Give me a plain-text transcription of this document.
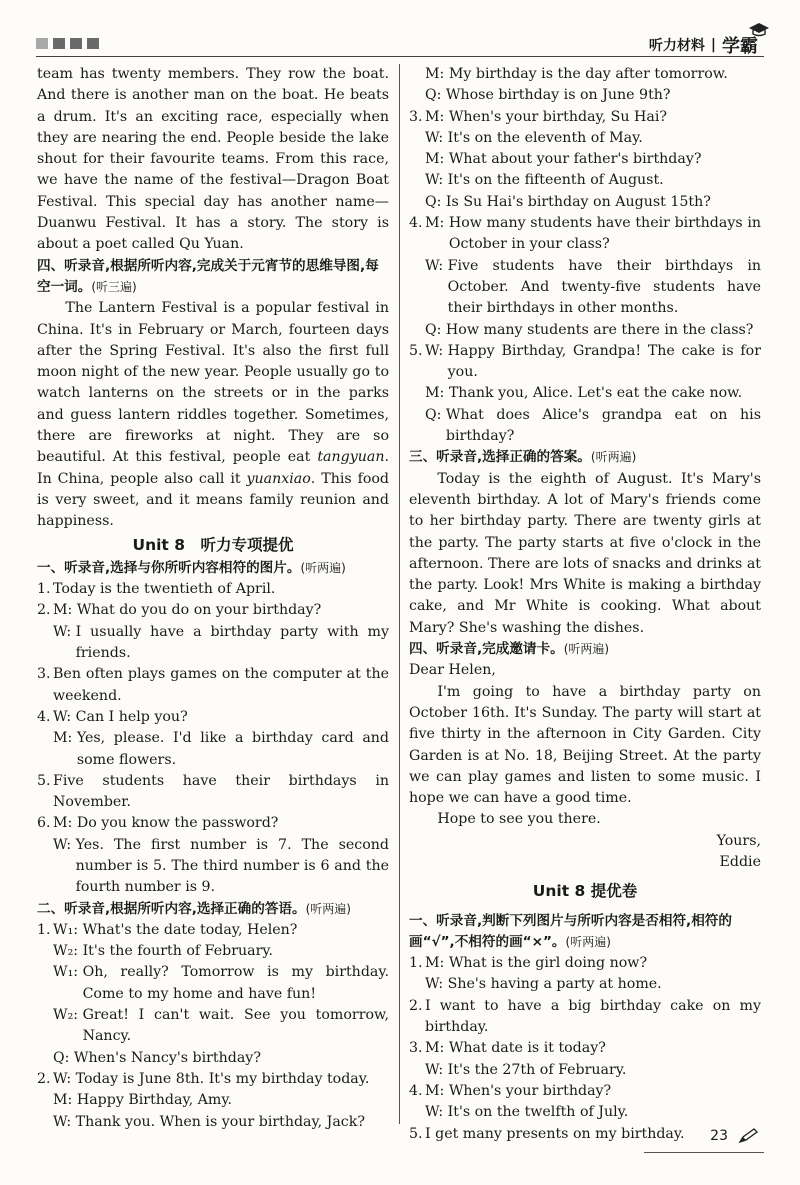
听力材料 | 学霸

team has twenty members. They row the boat. And there is another man on the boat. He beats a drum. It's an exciting race, especially when they are nearing the end. People beside the lake shout for their favourite teams. From this race, we have the name of the festival—Dragon Boat Festival. This special day has another name—Duanwu Festival. It has a story. The story is about a poet called Qu Yuan.

四、听录音,根据所听内容,完成关于元宵节的思维导图,每空一词。(听三遍)

The Lantern Festival is a popular festival in China. It's in February or March, fourteen days after the Spring Festival. It's also the first full moon night of the new year. People usually go to watch lanterns on the streets or in the parks and guess lantern riddles together. Sometimes, there are fireworks at night. They are so beautiful. At this festival, people eat tangyuan. In China, people also call it yuanxiao. This food is very sweet, and it means family reunion and happiness.

Unit 8　听力专项提优

一、听录音,选择与你所听内容相符的图片。(听两遍)

1. Today is the twentieth of April.
2. M: What do you do on your birthday?
W: I usually have a birthday party with my friends.
3. Ben often plays games on the computer at the weekend.
4. W: Can I help you?
M: Yes, please. I'd like a birthday card and some flowers.
5. Five students have their birthdays in November.
6. M: Do you know the password?
W: Yes. The first number is 7. The second number is 5. The third number is 6 and the fourth number is 9.

二、听录音,根据所听内容,选择正确的答语。(听两遍)

1. W₁: What's the date today, Helen?
W₂: It's the fourth of February.
W₁: Oh, really? Tomorrow is my birthday. Come to my home and have fun!
W₂: Great! I can't wait. See you tomorrow, Nancy.
Q: When's Nancy's birthday?
2. W: Today is June 8th. It's my birthday today.
M: Happy Birthday, Amy.
W: Thank you. When is your birthday, Jack?
M: My birthday is the day after tomorrow.
Q: Whose birthday is on June 9th?
3. M: When's your birthday, Su Hai?
W: It's on the eleventh of May.
M: What about your father's birthday?
W: It's on the fifteenth of August.
Q: Is Su Hai's birthday on August 15th?
4. M: How many students have their birthdays in October in your class?
W: Five students have their birthdays in October. And twenty-five students have their birthdays in other months.
Q: How many students are there in the class?
5. W: Happy Birthday, Grandpa! The cake is for you.
M: Thank you, Alice. Let's eat the cake now.
Q: What does Alice's grandpa eat on his birthday?

三、听录音,选择正确的答案。(听两遍)

Today is the eighth of August. It's Mary's eleventh birthday. A lot of Mary's friends come to her birthday party. There are twenty girls at the party. The party starts at five o'clock in the afternoon. There are lots of snacks and drinks at the party. Look! Mrs White is making a birthday cake, and Mr White is cooking. What about Mary? She's washing the dishes.

四、听录音,完成邀请卡。(听两遍)

Dear Helen,

I'm going to have a birthday party on October 16th. It's Sunday. The party will start at five thirty in the afternoon in City Garden. City Garden is at No. 18, Beijing Street. At the party we can play games and listen to some music. I hope we can have a good time.

Hope to see you there.

Yours,

Eddie

Unit 8 提优卷

一、听录音,判断下列图片与所听内容是否相符,相符的画“√”,不相符的画“×”。(听两遍)

1. M: What is the girl doing now?
W: She's having a party at home.
2. I want to have a big birthday cake on my birthday.
3. M: What date is it today?
W: It's the 27th of February.
4. M: When's your birthday?
W: It's on the twelfth of July.
5. I get many presents on my birthday.	23
